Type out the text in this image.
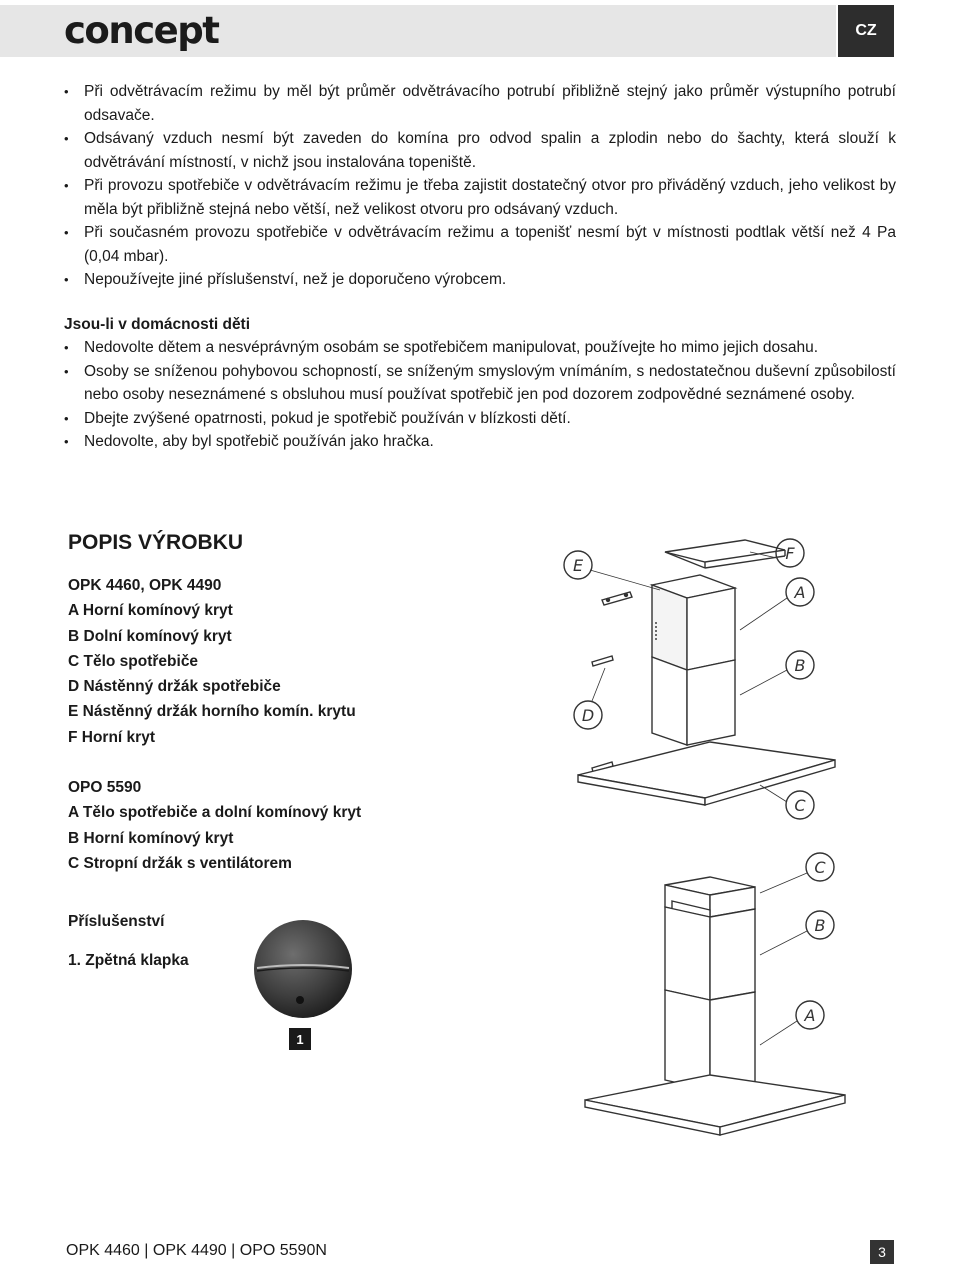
concept	CZ
• Při odvětrávacím režimu by měl být průměr odvětrávacího potrubí přibližně stejný jako průměr výstupního potrubí odsavače.
• Odsávaný vzduch nesmí být zaveden do komína pro odvod spalin a zplodin nebo do šachty, která slouží k odvětrávání místností, v nichž jsou instalována topeniště.
• Při provozu spotřebiče v odvětrávacím režimu je třeba zajistit dostatečný otvor pro přiváděný vzduch, jeho velikost by měla být přibližně stejná nebo větší, než velikost otvoru pro odsávaný vzduch.
• Při současném provozu spotřebiče v odvětrávacím režimu a topenišť nesmí být v místnosti podtlak větší než 4 Pa (0,04 mbar).
• Nepoužívejte jiné příslušenství, než je doporučeno výrobcem.
Jsou-li v domácnosti děti
• Nedovolte dětem a nesvéprávným osobám se spotřebičem manipulovat, používejte ho mimo jejich dosahu.
• Osoby se sníženou pohybovou schopností, se sníženým smyslovým vnímáním, s nedostatečnou duševní způsobilostí nebo osoby neseznámené s obsluhou musí používat spotřebič jen pod dozorem zodpovědné seznámené osoby.
• Dbejte zvýšené opatrnosti, pokud je spotřebič používán v blízkosti dětí.
• Nedovolte, aby byl spotřebič používán jako hračka.
POPIS VÝROBKU
OPK 4460, OPK 4490
A Horní komínový kryt
B Dolní komínový kryt
C Tělo spotřebiče
D Nástěnný držák spotřebiče
E Nástěnný držák horního komín. krytu
F Horní kryt
OPO 5590
A Tělo spotřebiče a dolní komínový kryt
B Horní komínový kryt
C Stropní držák s ventilátorem
Příslušenství
1. Zpětná klapka
1
E
F
A
B
D
C
C
B
A
OPK 4460 | OPK 4490 | OPO 5590N	3
